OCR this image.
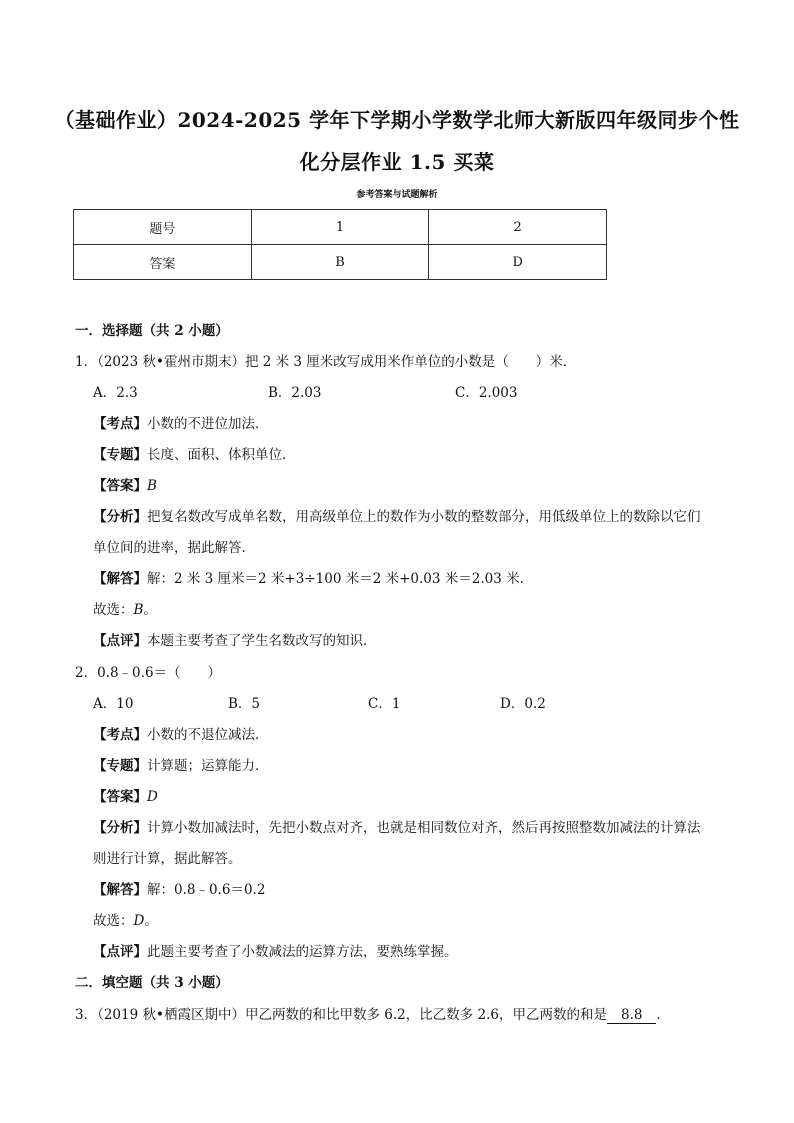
（基础作业）2024-2025 学年下学期小学数学北师大新版四年级同步个性
化分层作业 1.5 买菜
参考答案与试题解析
题号	1	2
答案	B	D
一．选择题（共 2 小题）
1．（2023 秋•霍州市期末）把 2 米 3 厘米改写成用米作单位的小数是（　　）米．
A．2.3	B．2.03	C．2.003
【考点】小数的不进位加法．
【专题】长度、面积、体积单位．
【答案】B
【分析】把复名数改写成单名数，用高级单位上的数作为小数的整数部分，用低级单位上的数除以它们
单位间的进率，据此解答．
【解答】解：2 米 3 厘米＝2 米+3÷100 米＝2 米+0.03 米＝2.03 米．
故选：B。
【点评】本题主要考查了学生名数改写的知识．
2．0.8﹣0.6＝（　　）
A．10	B．5	C．1	D．0.2
【考点】小数的不退位减法．
【专题】计算题；运算能力．
【答案】D
【分析】计算小数加减法时，先把小数点对齐，也就是相同数位对齐，然后再按照整数加减法的计算法
则进行计算，据此解答。
【解答】解：0.8﹣0.6＝0.2
故选：D。
【点评】此题主要考查了小数减法的运算方法，要熟练掌握。
二．填空题（共 3 小题）
3．（2019 秋•栖霞区期中）甲乙两数的和比甲数多 6.2，比乙数多 2.6，甲乙两数的和是 8.8 ．
